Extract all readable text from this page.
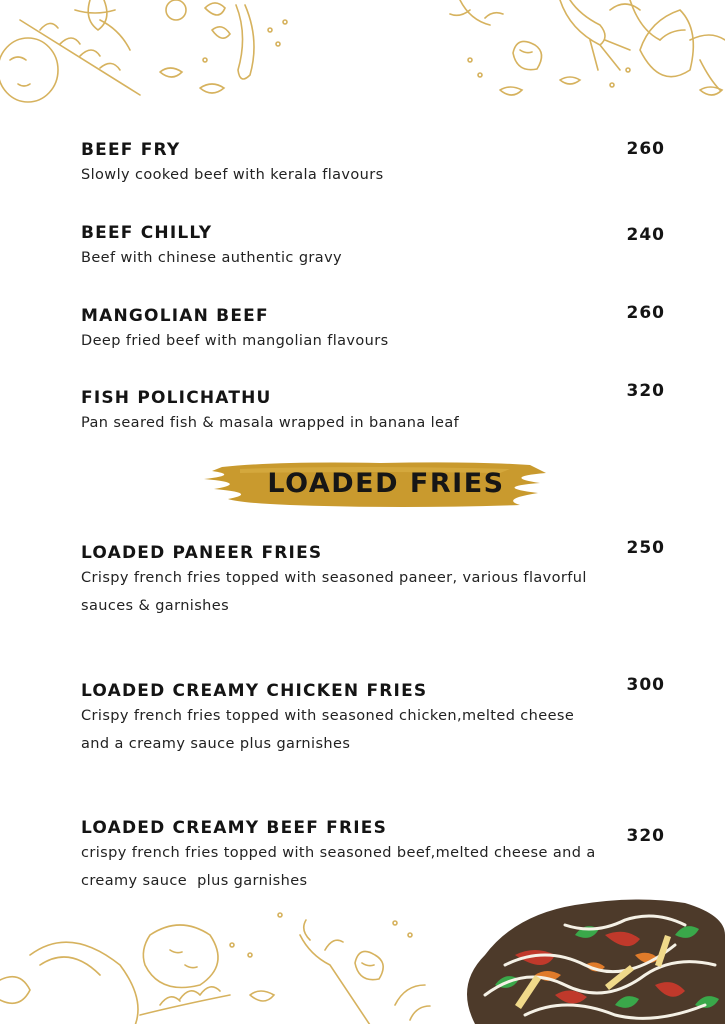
BEEF FRY
Slowly cooked beef with kerala flavours
260
BEEF CHILLY
Beef with chinese authentic gravy
240
MANGOLIAN BEEF
Deep fried beef with mangolian flavours
260
FISH POLICHATHU
Pan seared fish & masala wrapped in banana leaf
320
LOADED FRIES
LOADED PANEER FRIES
Crispy french fries topped with seasoned paneer, various flavorful  sauces & garnishes
250
LOADED CREAMY CHICKEN FRIES
Crispy french fries topped with seasoned chicken,melted cheese and a creamy sauce plus garnishes
300
LOADED CREAMY BEEF FRIES
crispy french fries topped with seasoned beef,melted cheese and a creamy sauce  plus garnishes
320
